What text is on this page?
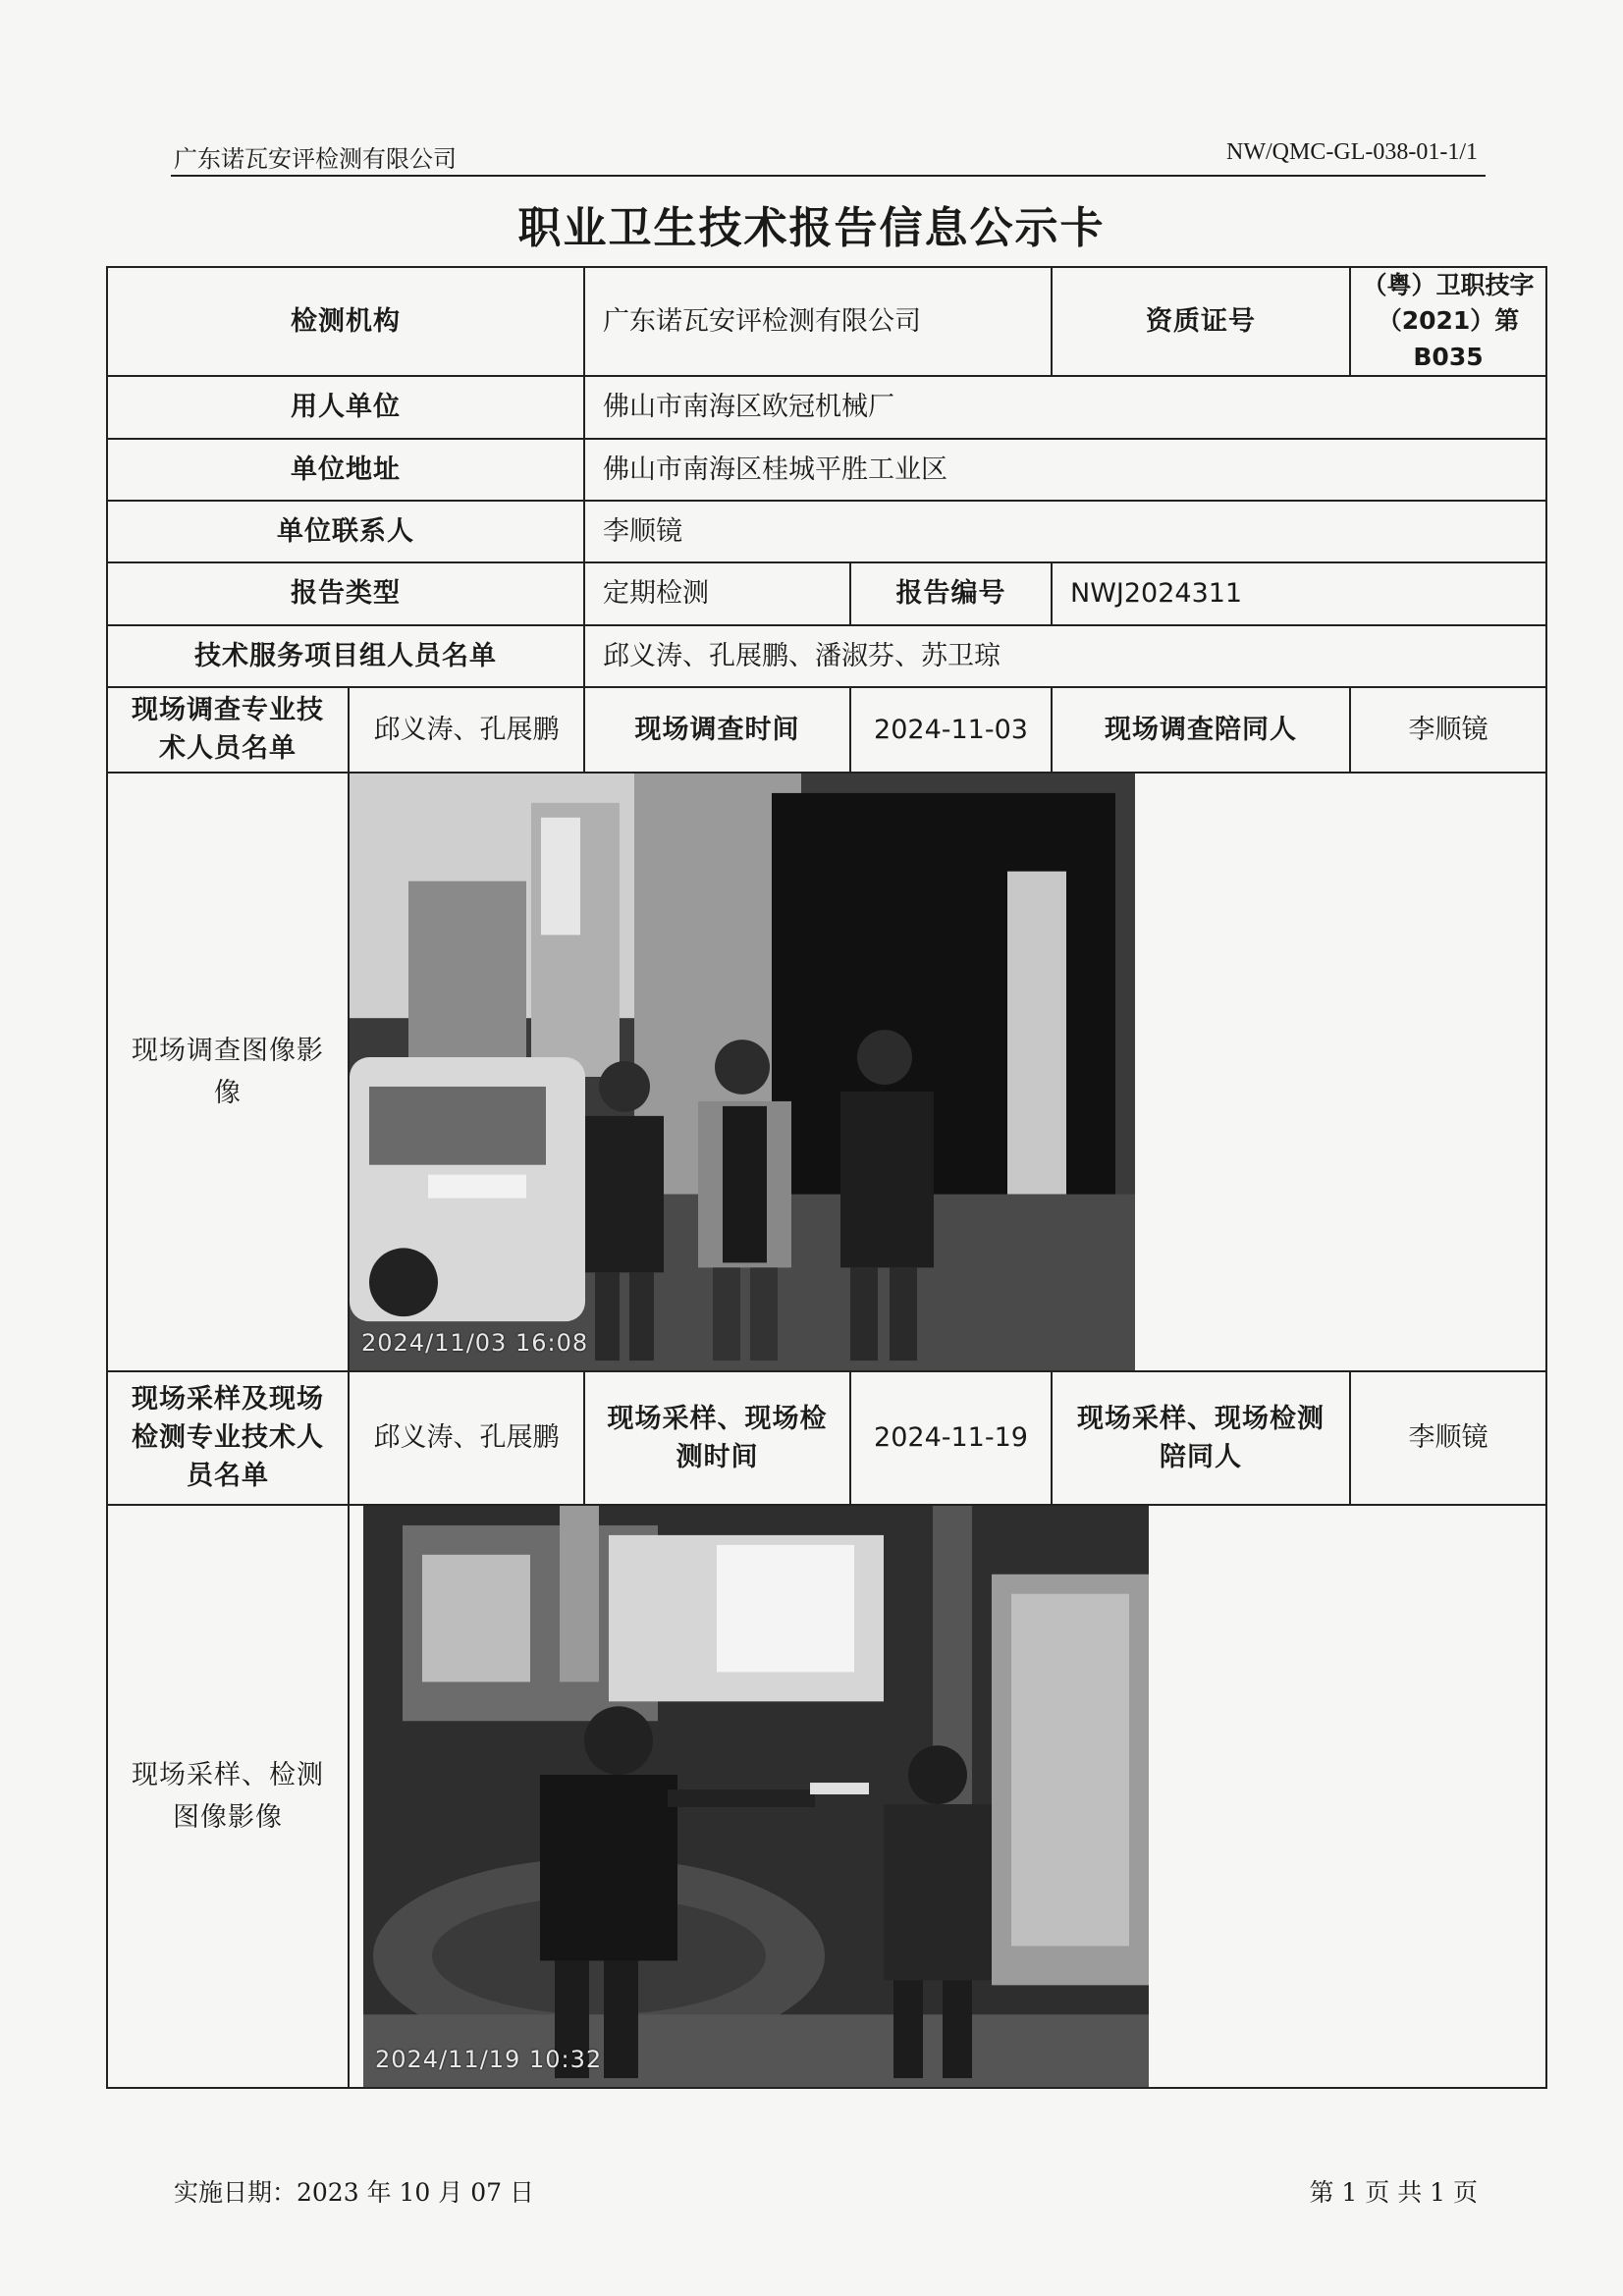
广东诺瓦安评检测有限公司	NW/QMC-GL-038-01-1/1
职业卫生技术报告信息公示卡
检测机构		广东诺瓦安评检测有限公司		资质证号	（粤）卫职技字（2021）第 B035
用人单位		佛山市南海区欧冠机械厂			
单位地址		佛山市南海区桂城平胜工业区			
单位联系人		李顺镜			
报告类型		定期检测	报告编号	NWJ2024311	
技术服务项目组人员名单		邱义涛、孔展鹏、潘淑芬、苏卫琼			
现场调查专业技术人员名单	邱义涛、孔展鹏	现场调查时间	2024-11-03	现场调查陪同人	李顺镜
现场调查图像影像	2024/11/03 16:08				

现场采样及现场检测专业技术人员名单	邱义涛、孔展鹏	现场采样、现场检测时间	2024-11-19	现场采样、现场检测陪同人	李顺镜
现场采样、检测图像影像	2024/11/19 10:32				
实施日期：2023 年 10 月 07 日	第 1 页 共 1 页
